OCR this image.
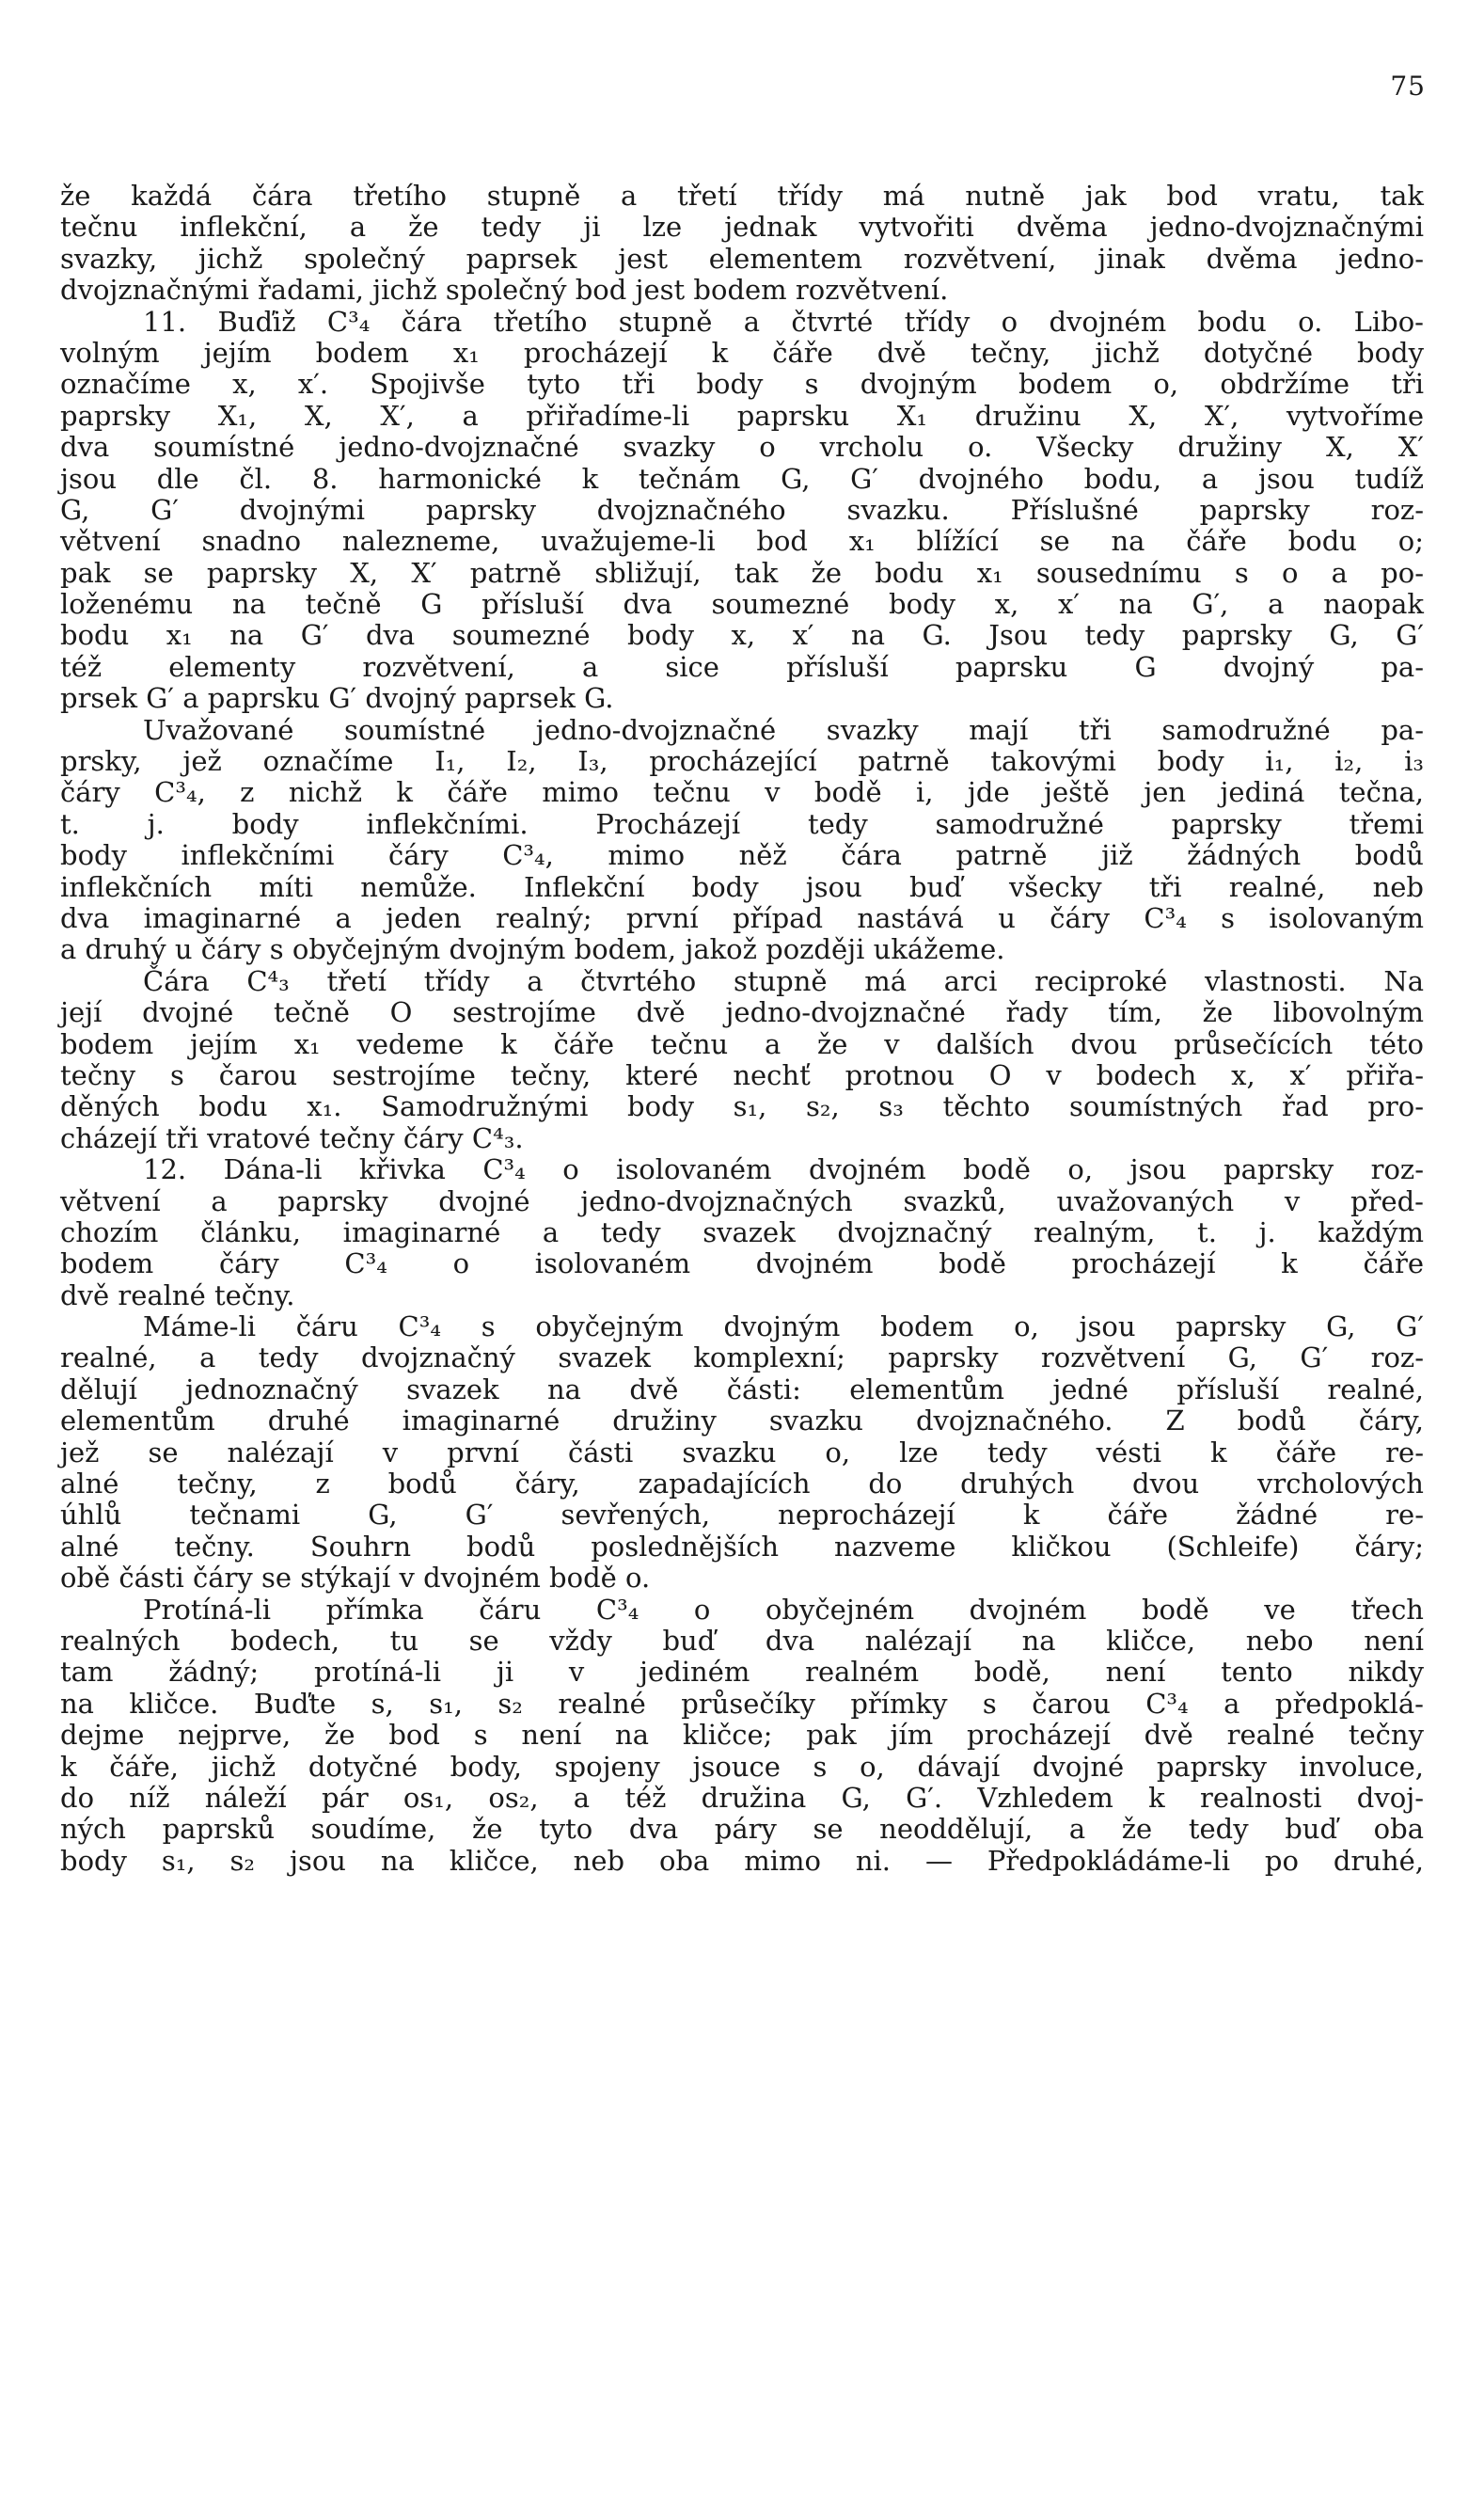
75
že každá čára třetího stupně a třetí třídy má nutně jak bod vratu, tak
tečnu inflekční, a že tedy ji lze jednak vytvořiti dvěma jedno-dvojznačnými
svazky, jichž společný paprsek jest elementem rozvětvení, jinak dvěma jedno-
dvojznačnými řadami, jichž společný bod jest bodem rozvětvení.
11. Buďiž C³₄ čára třetího stupně a čtvrté třídy o dvojném bodu o. Libo-
volným jejím bodem x₁ procházejí k čáře dvě tečny, jichž dotyčné body
označíme x, x′. Spojivše tyto tři body s dvojným bodem o, obdržíme tři
paprsky X₁, X, X′, a přiřadíme-li paprsku X₁ družinu X, X′, vytvoříme
dva soumístné jedno-dvojznačné svazky o vrcholu o. Všecky družiny X, X′
jsou dle čl. 8. harmonické k tečnám G, G′ dvojného bodu, a jsou tudíž
G, G′ dvojnými paprsky dvojznačného svazku. Příslušné paprsky roz-
větvení snadno nalezneme, uvažujeme-li bod x₁ blížící se na čáře bodu o;
pak se paprsky X, X′ patrně sbližují, tak že bodu x₁ sousednímu s o a po-
loženému na tečně G přísluší dva soumezné body x, x′ na G′, a naopak
bodu x₁ na G′ dva soumezné body x, x′ na G. Jsou tedy paprsky G, G′
též elementy rozvětvení, a sice přísluší paprsku G dvojný pa-
prsek G′ a paprsku G′ dvojný paprsek G.
Uvažované soumístné jedno-dvojznačné svazky mají tři samodružné pa-
prsky, jež označíme I₁, I₂, I₃, procházející patrně takovými body i₁, i₂, i₃
čáry C³₄, z nichž k čáře mimo tečnu v bodě i, jde ještě jen jediná tečna,
t. j. body inflekčními. Procházejí tedy samodružné paprsky třemi
body inflekčními čáry C³₄, mimo něž čára patrně již žádných bodů
inflekčních míti nemůže. Inflekční body jsou buď všecky tři realné, neb
dva imaginarné a jeden realný; první případ nastává u čáry C³₄ s isolovaným
a druhý u čáry s obyčejným dvojným bodem, jakož později ukážeme.
Čára C⁴₃ třetí třídy a čtvrtého stupně má arci reciproké vlastnosti. Na
její dvojné tečně O sestrojíme dvě jedno-dvojznačné řady tím, že libovolným
bodem jejím x₁ vedeme k čáře tečnu a že v dalších dvou průsečících této
tečny s čarou sestrojíme tečny, které nechť protnou O v bodech x, x′ přiřa-
děných bodu x₁. Samodružnými body s₁, s₂, s₃ těchto soumístných řad pro-
cházejí tři vratové tečny čáry C⁴₃.
12. Dána-li křivka C³₄ o isolovaném dvojném bodě o, jsou paprsky roz-
větvení a paprsky dvojné jedno-dvojznačných svazků, uvažovaných v před-
chozím článku, imaginarné a tedy svazek dvojznačný realným, t. j. každým
bodem čáry C³₄ o isolovaném dvojném bodě procházejí k čáře
dvě realné tečny.
Máme-li čáru C³₄ s obyčejným dvojným bodem o, jsou paprsky G, G′
realné, a tedy dvojznačný svazek komplexní; paprsky rozvětvení G, G′ roz-
dělují jednoznačný svazek na dvě části: elementům jedné přísluší realné,
elementům druhé imaginarné družiny svazku dvojznačného. Z bodů čáry,
jež se nalézají v první části svazku o, lze tedy vésti k čáře re-
alné tečny, z bodů čáry, zapadajících do druhých dvou vrcholových
úhlů tečnami G, G′ sevřených, neprocházejí k čáře žádné re-
alné tečny. Souhrn bodů poslednějších nazveme kličkou (Schleife) čáry;
obě části čáry se stýkají v dvojném bodě o.
Protíná-li přímka čáru C³₄ o obyčejném dvojném bodě ve třech
realných bodech, tu se vždy buď dva nalézají na kličce, nebo není
tam žádný; protíná-li ji v jediném realném bodě, není tento nikdy
na kličce. Buďte s, s₁, s₂ realné průsečíky přímky s čarou C³₄ a předpoklá-
dejme nejprve, že bod s není na kličce; pak jím procházejí dvě realné tečny
k čáře, jichž dotyčné body, spojeny jsouce s o, dávají dvojné paprsky involuce,
do níž náleží pár os₁, os₂, a též družina G, G′. Vzhledem k realnosti dvoj-
ných paprsků soudíme, že tyto dva páry se neoddělují, a že tedy buď oba
body s₁, s₂ jsou na kličce, neb oba mimo ni. — Předpokládáme-li po druhé,
